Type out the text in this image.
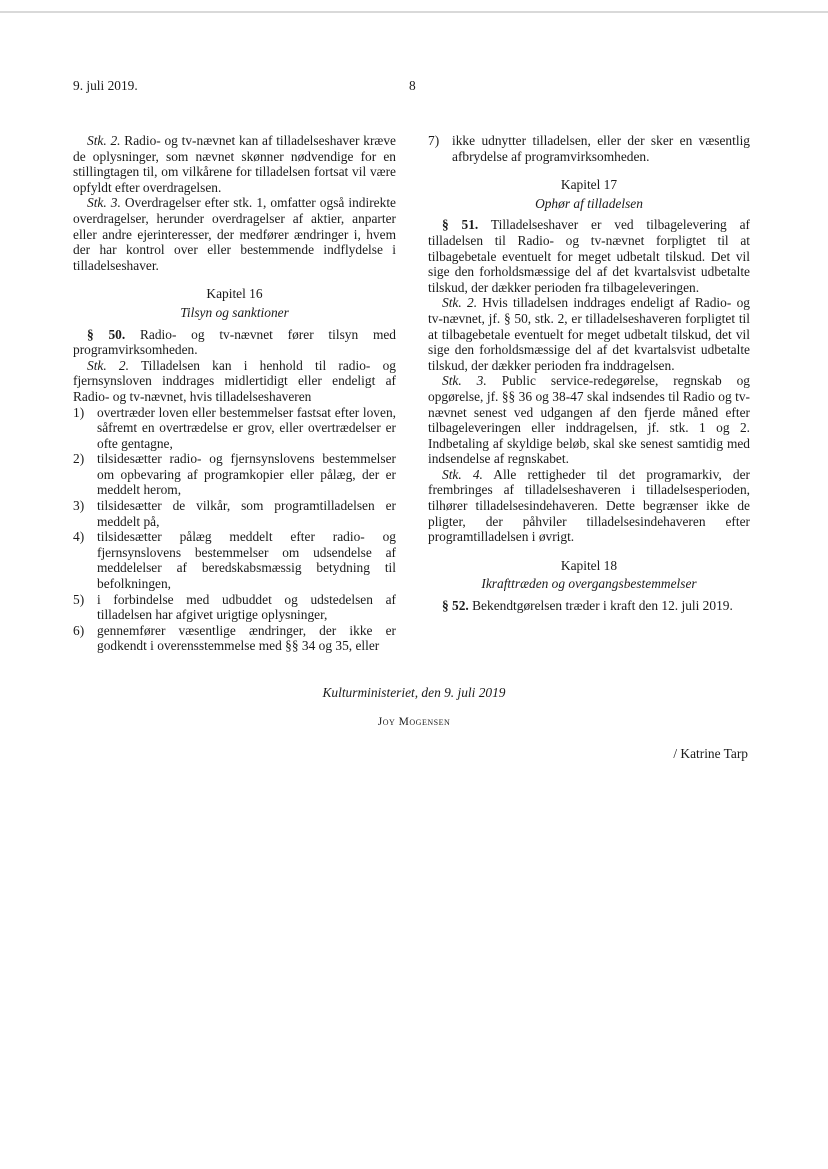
9. juli 2019.	8

Stk. 2. Radio- og tv-nævnet kan af tilladelseshaver kræve de oplysninger, som nævnet skønner nødvendige for en stillingtagen til, om vilkårene for tilladelsen fortsat vil være opfyldt efter overdragelsen.

Stk. 3. Overdragelser efter stk. 1, omfatter også indirekte overdragelser, herunder overdragelser af aktier, anparter eller andre ejerinteresser, der medfører ændringer i, hvem der har kontrol over eller bestemmende indflydelse i tilladelseshaver.

Kapitel 16
Tilsyn og sanktioner

§ 50. Radio- og tv-nævnet fører tilsyn med programvirksomheden.

Stk. 2. Tilladelsen kan i henhold til radio- og fjernsynsloven inddrages midlertidigt eller endeligt af Radio- og tv-nævnet, hvis tilladelseshaveren

1) overtræder loven eller bestemmelser fastsat efter loven, såfremt en overtrædelse er grov, eller overtrædelser er ofte gentagne,
2) tilsidesætter radio- og fjernsynslovens bestemmelser om opbevaring af programkopier eller pålæg, der er meddelt herom,
3) tilsidesætter de vilkår, som programtilladelsen er meddelt på,
4) tilsidesætter pålæg meddelt efter radio- og fjernsynslovens bestemmelser om udsendelse af meddelelser af beredskabsmæssig betydning til befolkningen,
5) i forbindelse med udbuddet og udstedelsen af tilladelsen har afgivet urigtige oplysninger,
6) gennemfører væsentlige ændringer, der ikke er godkendt i overensstemmelse med §§ 34 og 35, eller
7) ikke udnytter tilladelsen, eller der sker en væsentlig afbrydelse af programvirksomheden.
Kapitel 17
Ophør af tilladelsen

§ 51. Tilladelseshaver er ved tilbagelevering af tilladelsen til Radio- og tv-nævnet forpligtet til at tilbagebetale eventuelt for meget udbetalt tilskud. Det vil sige den forholdsmæssige del af det kvartalsvist udbetalte tilskud, der dækker perioden fra tilbageleveringen.

Stk. 2. Hvis tilladelsen inddrages endeligt af Radio- og tv-nævnet, jf. § 50, stk. 2, er tilladelseshaveren forpligtet til at tilbagebetale eventuelt for meget udbetalt tilskud, det vil sige den forholdsmæssige del af det kvartalsvist udbetalte tilskud, der dækker perioden fra inddragelsen.

Stk. 3. Public service-redegørelse, regnskab og opgørelse, jf. §§ 36 og 38-47 skal indsendes til Radio og tv-nævnet senest ved udgangen af den fjerde måned efter tilbageleveringen eller inddragelsen, jf. stk. 1 og 2. Indbetaling af skyldige beløb, skal ske senest samtidig med indsendelse af regnskabet.

Stk. 4. Alle rettigheder til det programarkiv, der frembringes af tilladelseshaveren i tilladelsesperioden, tilhører tilladelsesindehaveren. Dette begrænser ikke de pligter, der påhviler tilladelsesindehaveren efter programtilladelsen i øvrigt.

Kapitel 18
Ikrafttræden og overgangsbestemmelser

§ 52. Bekendtgørelsen træder i kraft den 12. juli 2019.

Kulturministeriet, den 9. juli 2019
Joy Mogensen
/ Katrine Tarp
